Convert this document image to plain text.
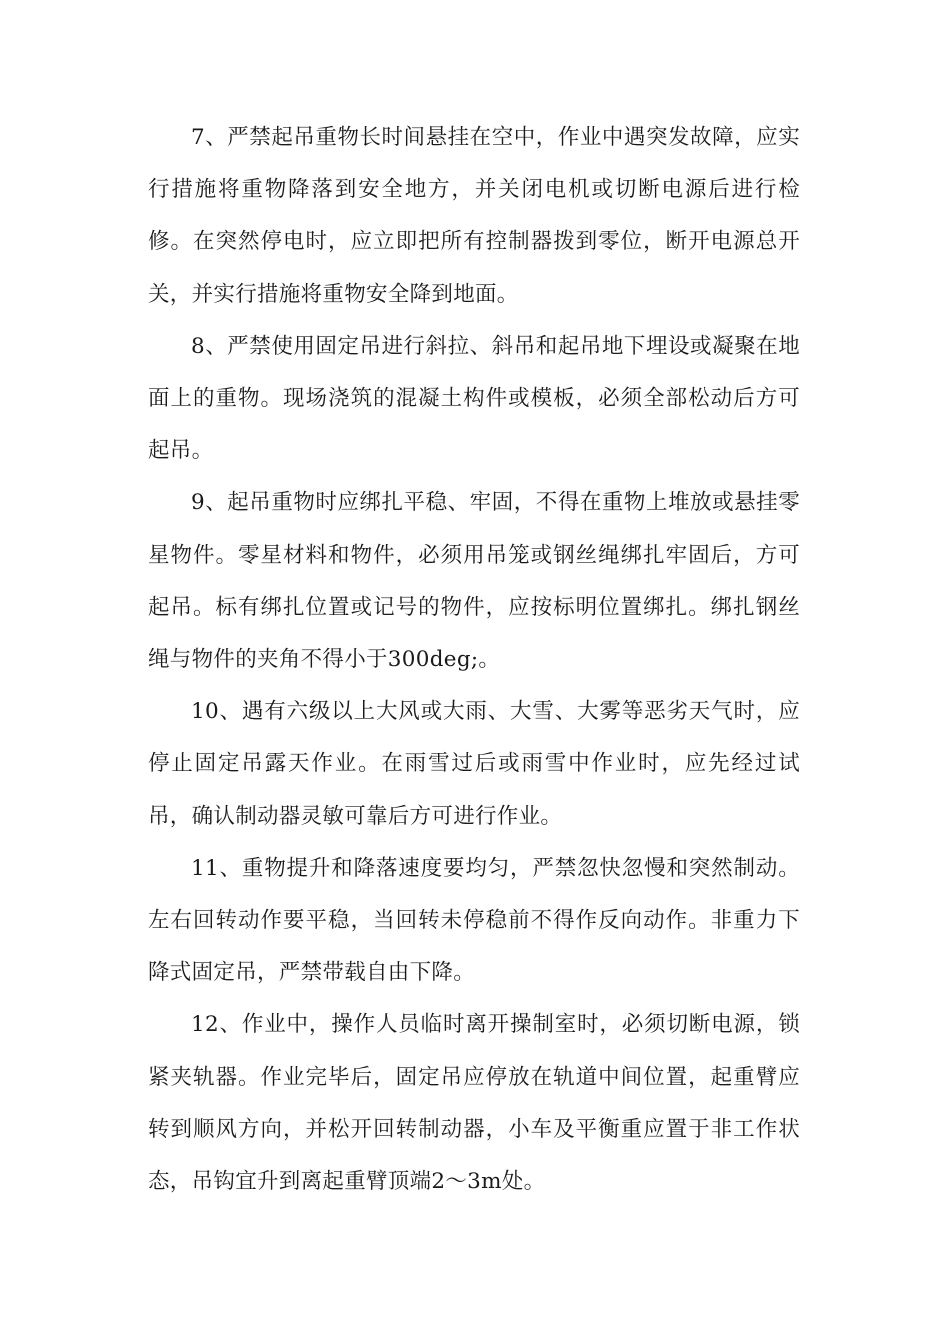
7、严禁起吊重物长时间悬挂在空中，作业中遇突发故障，应实行措施将重物降落到安全地方，并关闭电机或切断电源后进行检修。在突然停电时，应立即把所有控制器拨到零位，断开电源总开关，并实行措施将重物安全降到地面。

8、严禁使用固定吊进行斜拉、斜吊和起吊地下埋设或凝聚在地面上的重物。现场浇筑的混凝土构件或模板，必须全部松动后方可起吊。

9、起吊重物时应绑扎平稳、牢固，不得在重物上堆放或悬挂零星物件。零星材料和物件，必须用吊笼或钢丝绳绑扎牢固后，方可起吊。标有绑扎位置或记号的物件，应按标明位置绑扎。绑扎钢丝绳与物件的夹角不得小于300deg;。

10、遇有六级以上大风或大雨、大雪、大雾等恶劣天气时，应停止固定吊露天作业。在雨雪过后或雨雪中作业时，应先经过试吊，确认制动器灵敏可靠后方可进行作业。

11、重物提升和降落速度要均匀，严禁忽快忽慢和突然制动。左右回转动作要平稳，当回转未停稳前不得作反向动作。非重力下降式固定吊，严禁带载自由下降。

12、作业中，操作人员临时离开操制室时，必须切断电源，锁紧夹轨器。作业完毕后，固定吊应停放在轨道中间位置，起重臂应转到顺风方向，并松开回转制动器，小车及平衡重应置于非工作状态，吊钩宜升到离起重臂顶端2～3m处。
